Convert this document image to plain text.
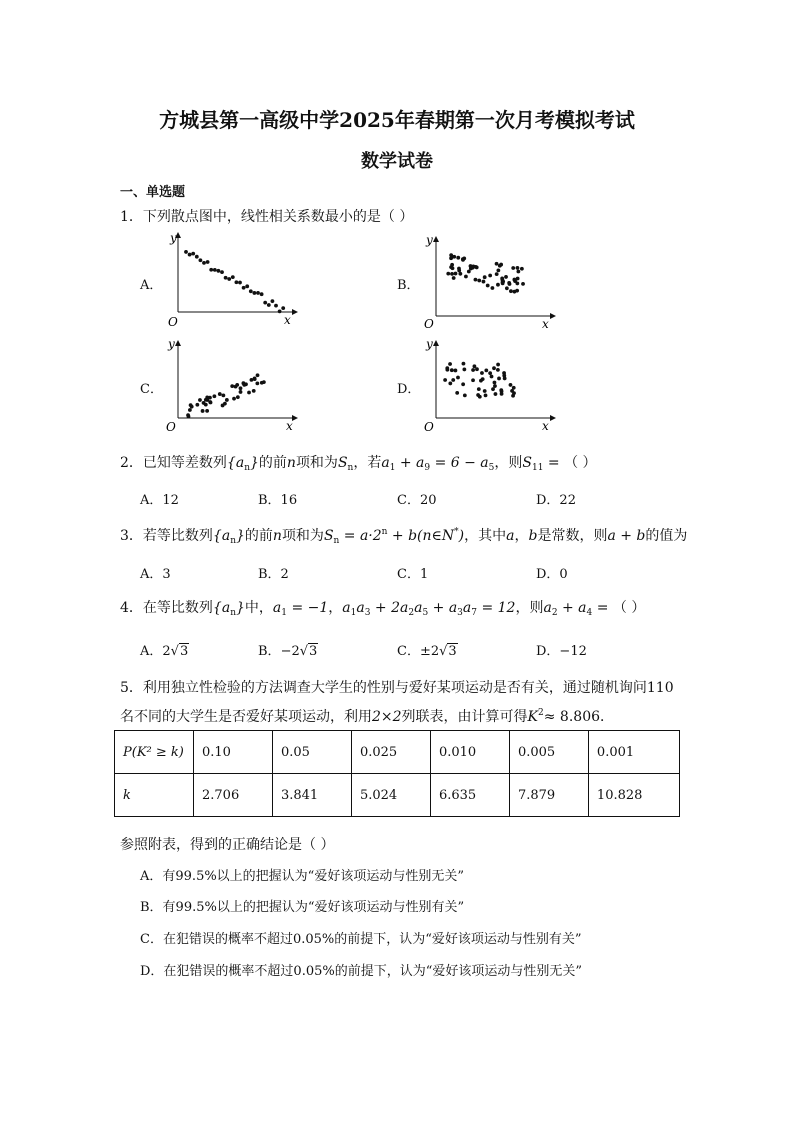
方城县第一高级中学2025年春期第一次月考模拟考试
数学试卷
一、单选题
1．下列散点图中，线性相关系数最小的是（ ）
A．	B．
C．	D．
O
y
x	O
y
x
O
y
x	O
y
x
2．已知等差数列$\{a_n\}$的前n项和为$S_n$，若$a_1 + a_9 = 6 - a_5$，则$S_{11}$ = （ ）
A．12	B．16	C．20	D．22
3．若等比数列$\{a_n\}$的前n项和为$S_n = a\cdot 2^n$ + b(n∈N*)，其中a，b是常数，则a + b的值为
A．3	B．2	C．1	D．0
4．在等比数列$\{a_n\}$中，$a_1 = -1$，$a_1a_3 + 2a_2a_5 + a_3a_7 = 12$，则$a_2 + a_4$ = （ ）
A．2√3	B．−2√3	C．±2√3	D．−12
5．利用独立性检验的方法调查大学生的性别与爱好某项运动是否有关，通过随机询问110
名不同的大学生是否爱好某项运动，利用2×2列联表，由计算可得$K^2\approx 8.806$．
P(K² ≥ k)	0.10	0.05	0.025	0.010	0.005	0.001
k	2.706	3.841	5.024	6.635	7.879	10.828
参照附表，得到的正确结论是（ ）
A．有99.5%以上的把握认为“爱好该项运动与性别无关”
B．有99.5%以上的把握认为“爱好该项运动与性别有关”
C．在犯错误的概率不超过0.05%的前提下，认为“爱好该项运动与性别有关”
D．在犯错误的概率不超过0.05%的前提下，认为“爱好该项运动与性别无关”
